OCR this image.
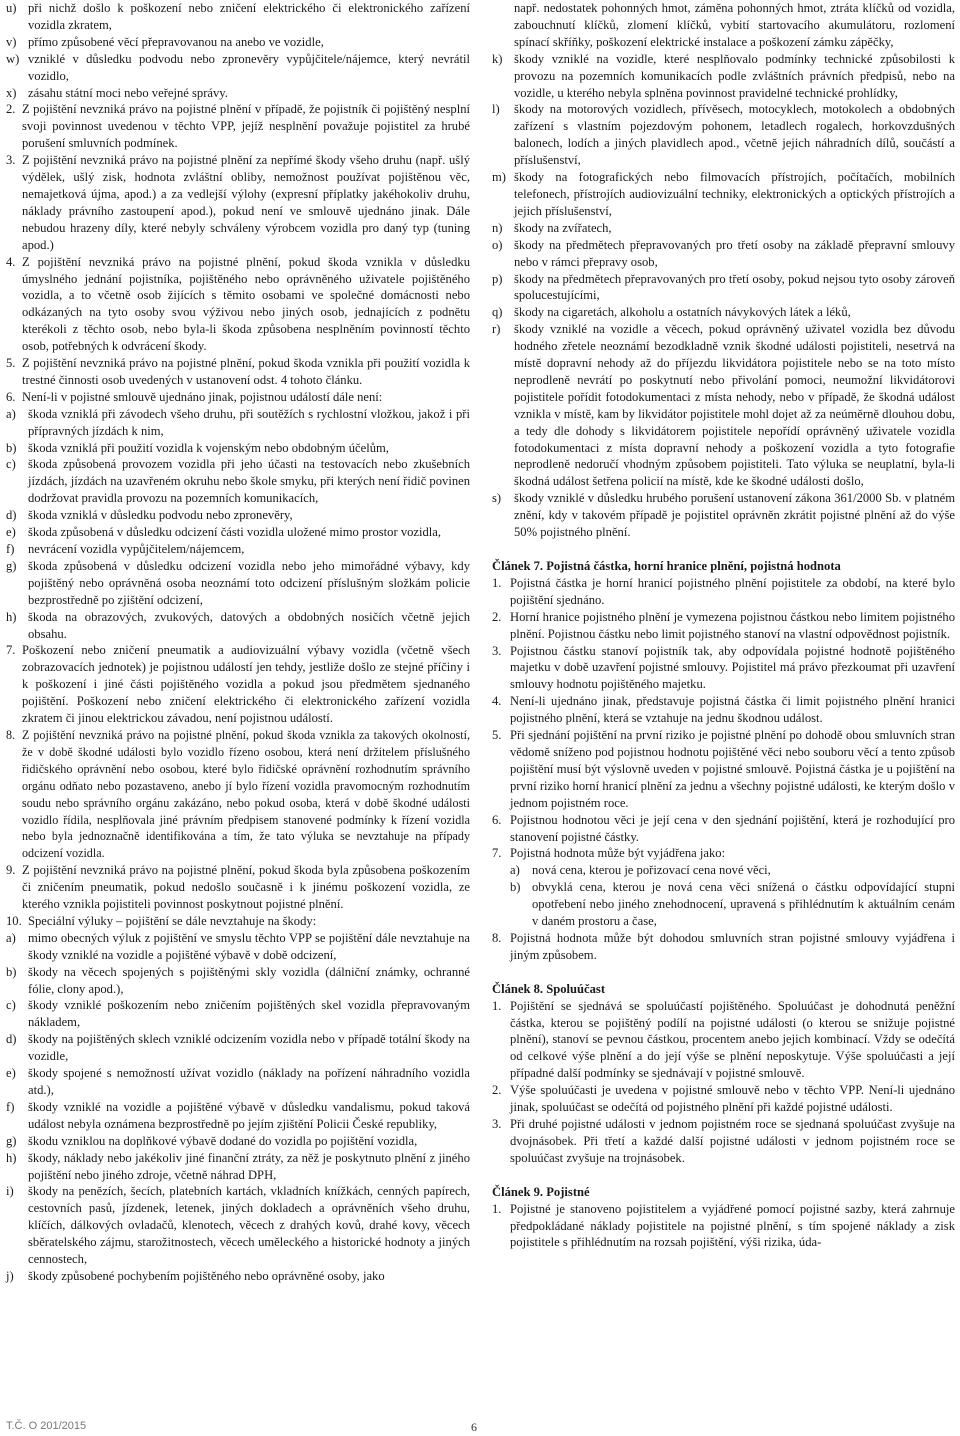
u) při nichž došlo k poškození nebo zničení elektrického či elektronického zařízení vozidla zkratem,
v) přímo způsobené věcí přepravovanou na anebo ve vozidle,
w) vzniklé v důsledku podvodu nebo zpronevěry vypůjčitele/nájemce, který nevrátil vozidlo,
x) zásahu státní moci nebo veřejné správy.
2. Z pojištění nevzniká právo na pojistné plnění v případě, že pojistník či pojištěný nesplní svoji povinnost uvedenou v těchto VPP, jejíž nesplnění považuje pojistitel za hrubé porušení smluvních podmínek.
3. Z pojištění nevzniká právo na pojistné plnění za nepřímé škody všeho druhu (např. ušlý výdělek, ušlý zisk, hodnota zvláštní obliby, nemožnost používat pojištěnou věc, nemajetková újma, apod.) a za vedlejší výlohy (expresní příplatky jakéhokoliv druhu, náklady právního zastoupení apod.), pokud není ve smlouvě ujednáno jinak. Dále nebudou hrazeny díly, které nebyly schváleny výrobcem vozidla pro daný typ (tuning apod.)
4. Z pojištění nevzniká právo na pojistné plnění, pokud škoda vznikla v důsledku úmyslného jednání pojistníka, pojištěného nebo oprávněného uživatele pojištěného vozidla, a to včetně osob žijících s těmito osobami ve společné domácnosti nebo odkázaných na tyto osoby svou výživou nebo jiných osob, jednajících z podnětu kterékoli z těchto osob, nebo byla-li škoda způsobena nesplněním povinností těchto osob, potřebných k odvrácení škody.
5. Z pojištění nevzniká právo na pojistné plnění, pokud škoda vznikla při použití vozidla k trestné činnosti osob uvedených v ustanovení odst. 4 tohoto článku.
6. Není-li v pojistné smlouvě ujednáno jinak, pojistnou událostí dále není:
a) škoda vzniklá při závodech všeho druhu, při soutěžích s rychlostní vložkou, jakož i při přípravných jízdách k nim,
b) škoda vzniklá při použití vozidla k vojenským nebo obdobným účelům,
c) škoda způsobená provozem vozidla při jeho účasti na testovacích nebo zkušebních jízdách, jízdách na uzavřeném okruhu nebo škole smyku, při kterých není řidič povinen dodržovat pravidla provozu na pozemních komunikacích,
d) škoda vzniklá v důsledku podvodu nebo zpronevěry,
e) škoda způsobená v důsledku odcizení části vozidla uložené mimo prostor vozidla,
f)	nevrácení vozidla vypůjčitelem/nájemcem,
g) škoda způsobená v důsledku odcizení vozidla nebo jeho mimořádné výbavy, kdy pojištěný nebo oprávněná osoba neoznámí toto odcizení příslušným složkám policie bezprostředně po zjištění odcizení,
h) škoda na obrazových, zvukových, datových a obdobných nosičích včetně jejich obsahu.
7. Poškození nebo zničení pneumatik a audiovizuální výbavy vozidla (včetně všech zobrazovacích jednotek) je pojistnou událostí jen tehdy, jestliže došlo ze stejné příčiny i k poškození i jiné části pojištěného vozidla a pokud jsou předmětem sjednaného pojištění. Poškození nebo zničení elektrického či elektronického zařízení vozidla zkratem či jinou elektrickou závadou, není pojistnou událostí.
8. Z pojištění nevzniká právo na pojistné plnění, pokud škoda vznikla za takových okolností, že v době škodné události bylo vozidlo řízeno osobou, která není držitelem příslušného řidičského oprávnění nebo osobou, které bylo řidičské oprávnění rozhodnutím správního orgánu odňato nebo pozastaveno, anebo jí bylo řízení vozidla pravomocným rozhodnutím soudu nebo správního orgánu zakázáno, nebo pokud osoba, která v době škodné události vozidlo řídila, nesplňovala jiné právním předpisem stanovené podmínky k řízení vozidla nebo byla jednoznačně identifikována a tím, že tato výluka se nevztahuje na případy odcizení vozidla.
9. Z pojištění nevzniká právo na pojistné plnění, pokud škoda byla způsobena poškozením či zničením pneumatik, pokud nedošlo současně i k jinému poškození vozidla, ze kterého vznikla pojistiteli povinnost poskytnout pojistné plnění.
10. Speciální výluky – pojištění se dále nevztahuje na škody:
a) mimo obecných výluk z pojištění ve smyslu těchto VPP se pojištění dále nevztahuje na škody vzniklé na vozidle a pojištěné výbavě v době odcizení,
b) škody na věcech spojených s pojištěnými skly vozidla (dálniční známky, ochranné fólie, clony apod.),
c) škody vzniklé poškozením nebo zničením pojištěných skel vozidla přepravovaným nákladem,
d) škody na pojištěných sklech vzniklé odcizením vozidla nebo v případě totální škody na vozidle,
e) škody spojené s nemožností užívat vozidlo (náklady na pořízení náhradního vozidla atd.),
f)	škody vzniklé na vozidle a pojištěné výbavě v důsledku vandalismu, pokud taková událost nebyla oznámena bezprostředně po jejím zjištění Policii České republiky,
g) škodu vzniklou na doplňkové výbavě dodané do vozidla po pojištění vozidla,
h) škody, náklady nebo jakékoliv jiné finanční ztráty, za něž je poskytnuto plnění z jiného pojištění nebo jiného zdroje, včetně náhrad DPH,
i)	škody na penězích, šecích, platebních kartách, vkladních knížkách, cenných papírech, cestovních pasů, jízdenek, letenek, jiných dokladech a oprávněních všeho druhu, klíčích, dálkových ovladačů, klenotech, věcech z drahých kovů, drahé kovy, věcech sběratelského zájmu, starožitnostech, věcech uměleckého a historické hodnoty a jiných cennostech,
j)	škody způsobené pochybením pojištěného nebo oprávněné osoby, jako
např. nedostatek pohonných hmot, záměna pohonných hmot, ztráta klíčků od vozidla, zabouchnutí klíčků, zlomení klíčků, vybití startovacího akumulátoru, rozlomení spínací skříňky, poškození elektrické instalace a poškození zámku zápěčky,
k) škody vzniklé na vozidle, které nesplňovalo podmínky technické způsobilosti k provozu na pozemních komunikacích podle zvláštních právních předpisů, nebo na vozidle, u kterého nebyla splněna povinnost pravidelné technické prohlídky,
l)	škody na motorových vozidlech, přívěsech, motocyklech, motokolech a obdobných zařízení s vlastním pojezdovým pohonem, letadlech rogalech, horkovzdušných balonech, lodích a jiných plavidlech apod., včetně jejich náhradních dílů, součástí a příslušenství,
m) škody na fotografických nebo filmovacích přístrojích, počítačích, mobilních telefonech, přístrojích audiovizuální techniky, elektronických a optických přístrojích a jejich příslušenství,
n) škody na zvířatech,
o) škody na předmětech přepravovaných pro třetí osoby na základě přepravní smlouvy nebo v rámci přepravy osob,
p) škody na předmětech přepravovaných pro třetí osoby, pokud nejsou tyto osoby zároveň spolucestujícími,
q) škody na cigaretách, alkoholu a ostatních návykových látek a léků,
r)	škody vzniklé na vozidle a věcech, pokud oprávněný uživatel vozidla bez důvodu hodného zřetele neoznámí bezodkladně vznik škodné události pojistiteli, nesetrvá na místě dopravní nehody až do příjezdu likvidátora pojistitele nebo se na toto místo neprodleně nevrátí po poskytnutí nebo přivolání pomoci, neumožní likvidátorovi pojistitele pořídit fotodokumentaci z místa nehody, nebo v případě, že škodná událost vznikla v místě, kam by likvidátor pojistitele mohl dojet až za neúměrně dlouhou dobu, a tedy dle dohody s likvidátorem pojistitele nepořídí oprávněný uživatele vozidla fotodokumentaci z místa dopravní nehody a poškození vozidla a tyto fotografie neprodleně nedoručí vhodným způsobem pojistiteli. Tato výluka se neuplatní, byla-li škodná událost šetřena policií na místě, kde ke škodné události došlo,
s)	škody vzniklé v důsledku hrubého porušení ustanovení zákona 361/2000 Sb. v platném znění, kdy v takovém případě je pojistitel oprávněn zkrátit pojistné plnění až do výše 50% pojistného plnění.
Článek 7. Pojistná částka, horní hranice plnění, pojistná hodnota
1. Pojistná částka je horní hranicí pojistného plnění pojistitele za období, na které bylo pojištění sjednáno.
2. Horní hranice pojistného plnění je vymezena pojistnou částkou nebo limitem pojistného plnění. Pojistnou částku nebo limit pojistného stanoví na vlastní odpovědnost pojistník.
3. Pojistnou částku stanoví pojistník tak, aby odpovídala pojistné hodnotě pojištěného majetku v době uzavření pojistné smlouvy. Pojistitel má právo přezkoumat při uzavření smlouvy hodnotu pojištěného majetku.
4. Není-li ujednáno jinak, představuje pojistná částka či limit pojistného plnění hranici pojistného plnění, která se vztahuje na jednu škodnou událost.
5. Při sjednání pojištění na první riziko je pojistné plnění po dohodě obou smluvních stran vědomě sníženo pod pojistnou hodnotu pojištěné věci nebo souboru věcí a tento způsob pojištění musí být výslovně uveden v pojistné smlouvě. Pojistná částka je u pojištění na první riziko horní hranicí plnění za jednu a všechny pojistné události, ke kterým došlo v jednom pojistném roce.
6. Pojistnou hodnotou věci je její cena v den sjednání pojištění, která je rozhodující pro stanovení pojistné částky.
7. Pojistná hodnota může být vyjádřena jako:
a) nová cena, kterou je pořizovací cena nové věci,
b) obvyklá cena, kterou je nová cena věci snížená o částku odpovídající stupni opotřebení nebo jiného znehodnocení, upravená s přihlédnutím k aktuálním cenám v daném prostoru a čase,
8. Pojistná hodnota může být dohodou smluvních stran pojistné smlouvy vyjádřena i jiným způsobem.
Článek 8. Spoluúčast
1. Pojištění se sjednává se spoluúčastí pojištěného. Spoluúčast je dohodnutá peněžní částka, kterou se pojištěný podílí na pojistné události (o kterou se snižuje pojistné plnění), stanoví se pevnou částkou, procentem anebo jejich kombinací. Vždy se odečítá od celkové výše plnění a do její výše se plnění neposkytuje. Výše spoluúčasti a její případné další podmínky se sjednávají v pojistné smlouvě.
2. Výše spoluúčasti je uvedena v pojistné smlouvě nebo v těchto VPP. Není-li ujednáno jinak, spoluúčast se odečítá od pojistného plnění při každé pojistné události.
3. Při druhé pojistné události v jednom pojistném roce se sjednaná spoluúčast zvyšuje na dvojnásobek. Při třetí a každé další pojistné události v jednom pojistném roce se spoluúčast zvyšuje na trojnásobek.
Článek 9. Pojistné
1. Pojistné je stanoveno pojistitelem a vyjádřené pomocí pojistné sazby, která zahrnuje předpokládané náklady pojistitele na pojistné plnění, s tím spojené náklady a zisk pojistitele s přihlédnutím na rozsah pojištění, výši rizika, úda-
T.Č. O 201/2015	6
